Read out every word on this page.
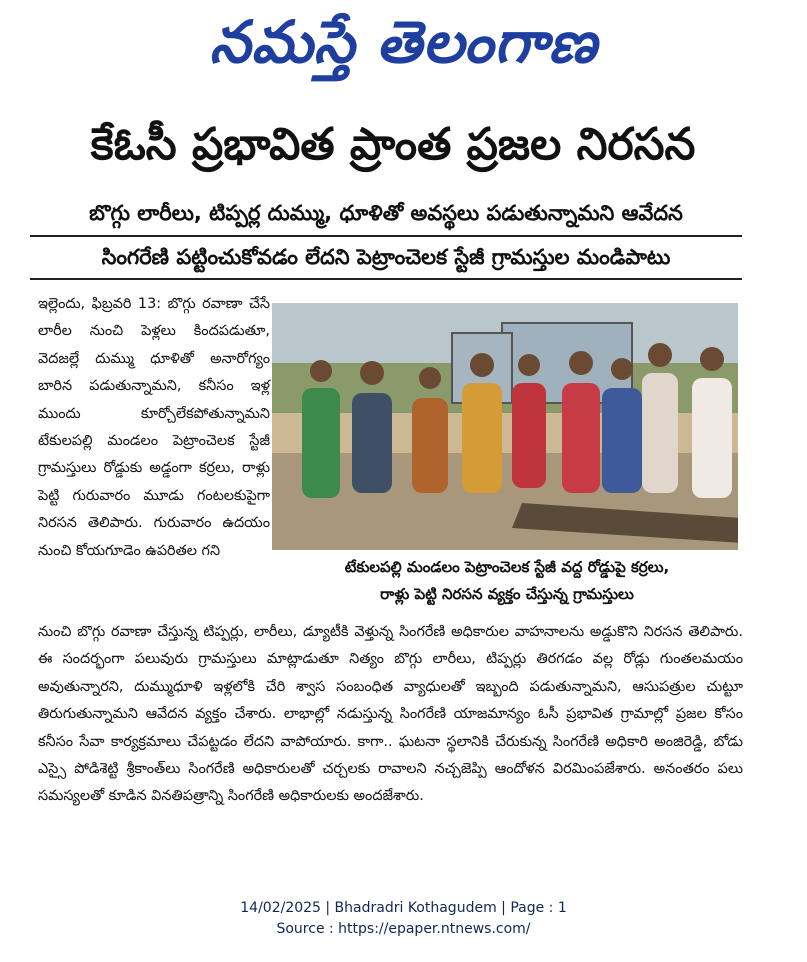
నమస్తే తెలంగాణ
కేఓసీ ప్రభావిత ప్రాంత ప్రజల నిరసన
బొగ్గు లారీలు, టిప్పర్ల దుమ్ము, ధూళితో అవస్థలు పడుతున్నామని ఆవేదన
సింగరేణి పట్టించుకోవడం లేదని పెట్రాంచెలక స్టేజీ గ్రామస్తుల మండిపాటు

ఇల్లెందు, ఫిబ్రవరి 13: బొగ్గు రవాణా చేసే లారీల నుంచి పెళ్లలు కిందపడుతూ, వెదజల్లే దుమ్ము ధూళితో అనారోగ్యం బారిన పడుతున్నామని, కనీసం ఇళ్ల ముందు కూర్చోలేకపోతున్నామని టేకులపల్లి మండలం పెట్రాంచెలక స్టేజీ గ్రామస్తులు రోడ్డుకు అడ్డంగా కర్రలు, రాళ్లు పెట్టి గురువారం మూడు గంటలకుపైగా నిరసన తెలిపారు. గురువారం ఉదయం నుంచి కోయగూడెం ఉపరితల గని

టేకులపల్లి మండలం పెట్రాంచెలక స్టేజీ వద్ద రోడ్డుపై కర్రలు,
రాళ్లు పెట్టి నిరసన వ్యక్తం చేస్తున్న గ్రామస్తులు

నుంచి బొగ్గు రవాణా చేస్తున్న టిప్పర్లు, లారీలు, డ్యూటీకి వెళ్తున్న సింగరేణి అధికారుల వాహనాలను అడ్డుకొని నిరసన తెలిపారు. ఈ సందర్భంగా పలువురు గ్రామస్తులు మాట్లాడుతూ నిత్యం బొగ్గు లారీలు, టిప్పర్లు తిరగడం వల్ల రోడ్లు గుంతలమయం అవుతున్నారని, దుమ్ముధూళి ఇళ్లలోకి చేరి శ్వాస సంబంధిత వ్యాధులతో ఇబ్బంది పడుతున్నామని, ఆసుపత్రుల చుట్టూ తిరుగుతున్నామని ఆవేదన వ్యక్తం చేశారు. లాభాల్లో నడుస్తున్న సింగరేణి యాజమాన్యం ఓసీ ప్రభావిత గ్రామాల్లో ప్రజల కోసం కనీసం సేవా కార్యక్రమాలు చేపట్టడం లేదని వాపోయారు. కాగా.. ఘటనా స్థలానికి చేరుకున్న సింగరేణి అధికారి అంజిరెడ్డి, బోడు ఎస్సై పోడిశెట్టి శ్రీకాంత్‌లు సింగరేణి అధికారులతో చర్చలకు రావాలని నచ్చజెప్పి ఆందోళన విరమింపజేశారు. అనంతరం పలు సమస్యలతో కూడిన వినతిపత్రాన్ని సింగరేణి అధికారులకు అందజేశారు.

14/02/2025 | Bhadradri Kothagudem | Page : 1
Source : https://epaper.ntnews.com/
